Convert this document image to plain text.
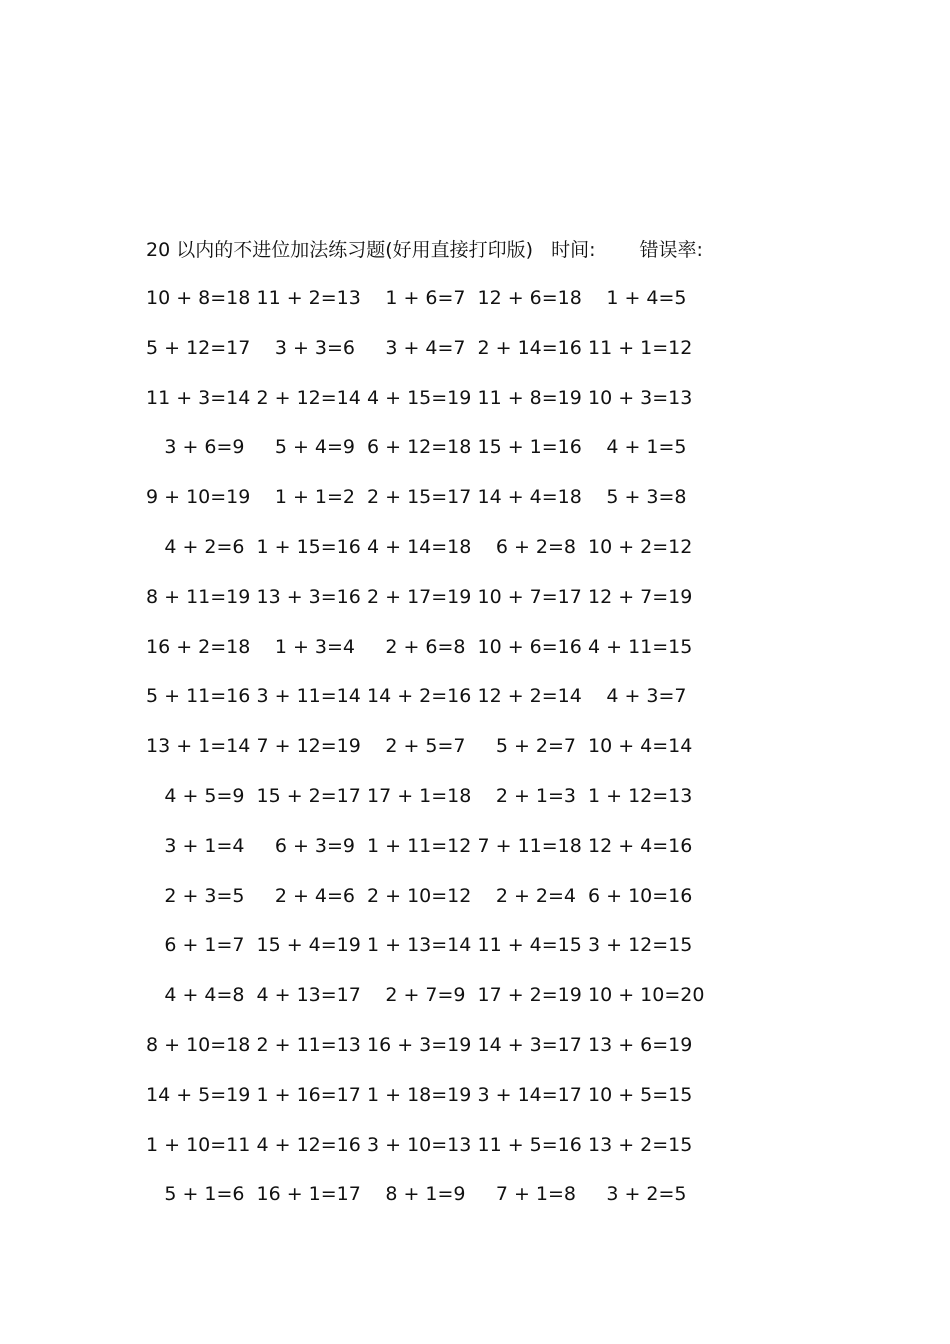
20 以内的不进位加法练习题(好用直接打印版) 时间: 错误率:
10 + 8=18 11 + 2=13	1 + 6=7 12 + 6=18	1 + 4=5
5 + 12=17	3 + 3=6	3 + 4=7 2 + 14=16 11 + 1=12
11 + 3=14 2 + 12=14 4 + 15=19 11 + 8=19 10 + 3=13
3 + 6=9	5 + 4=9 6 + 12=18 15 + 1=16	4 + 1=5
9 + 10=19	1 + 1=2 2 + 15=17 14 + 4=18	5 + 3=8
4 + 2=6 1 + 15=16 4 + 14=18	6 + 2=8 10 + 2=12
8 + 11=19 13 + 3=16 2 + 17=19 10 + 7=17 12 + 7=19
16 + 2=18	1 + 3=4	2 + 6=8 10 + 6=16 4 + 11=15
5 + 11=16 3 + 11=14 14 + 2=16 12 + 2=14	4 + 3=7
13 + 1=14 7 + 12=19	2 + 5=7	5 + 2=7 10 + 4=14
4 + 5=9 15 + 2=17 17 + 1=18	2 + 1=3 1 + 12=13
3 + 1=4	6 + 3=9 1 + 11=12 7 + 11=18 12 + 4=16
2 + 3=5	2 + 4=6 2 + 10=12	2 + 2=4 6 + 10=16
6 + 1=7 15 + 4=19 1 + 13=14 11 + 4=15 3 + 12=15
4 + 4=8 4 + 13=17	2 + 7=9 17 + 2=19 10 + 10=20
8 + 10=18 2 + 11=13 16 + 3=19 14 + 3=17 13 + 6=19
14 + 5=19 1 + 16=17 1 + 18=19 3 + 14=17 10 + 5=15
1 + 10=11 4 + 12=16 3 + 10=13 11 + 5=16 13 + 2=15
5 + 1=6 16 + 1=17	8 + 1=9	7 + 1=8	3 + 2=5
